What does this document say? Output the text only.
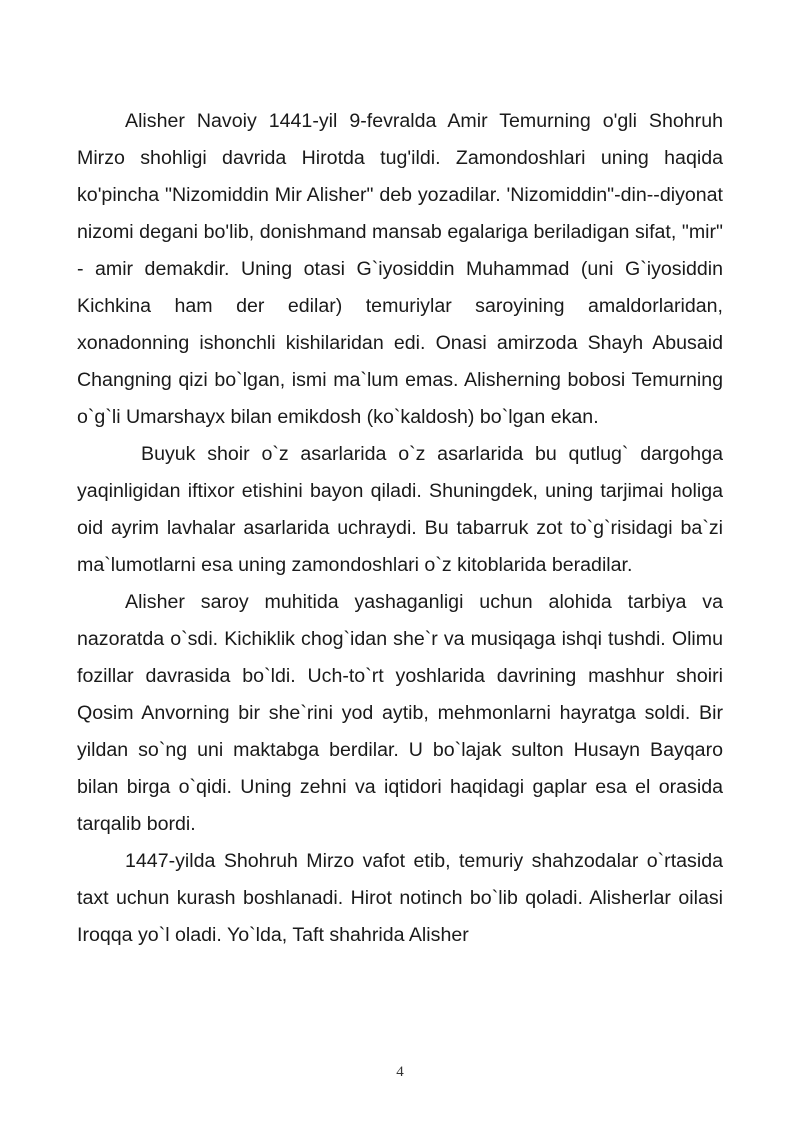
Alisher Navoiy 1441-yil 9-fevralda Amir Temurning o'gli Shohruh Mirzo shohligi davrida Hirotda tug'ildi. Zamondoshlari uning haqida ko'pincha "Nizomiddin Mir Alisher" deb yozadilar. 'Nizomiddin"-din--diyonat nizomi degani bo'lib, donishmand mansab egalariga beriladigan sifat, "mir" - amir demakdir. Uning otasi G`iyosiddin Muhammad (uni G`iyosiddin Kichkina ham der edilar) temuriylar saroyining amaldorlaridan, xonadonning ishonchli kishilaridan edi. Onasi amirzoda Shayh Abusaid Changning qizi bo`lgan, ismi ma`lum emas. Alisherning bobosi Temurning o`g`li Umarshayx bilan emikdosh (ko`kaldosh) bo`lgan ekan.

Buyuk shoir o`z asarlarida o`z asarlarida bu qutlug` dargohga yaqinligidan iftixor etishini bayon qiladi. Shuningdek, uning tarjimai holiga oid ayrim lavhalar asarlarida uchraydi. Bu tabarruk zot to`g`risidagi ba`zi ma`lumotlarni esa uning zamondoshlari o`z kitoblarida beradilar.

Alisher saroy muhitida yashaganligi uchun alohida tarbiya va nazoratda o`sdi. Kichiklik chog`idan she`r va musiqaga ishqi tushdi. Olimu fozillar davrasida bo`ldi. Uch-to`rt yoshlarida davrining mashhur shoiri Qosim Anvorning bir she`rini yod aytib, mehmonlarni hayratga soldi. Bir yildan so`ng uni maktabga berdilar. U bo`lajak sulton Husayn Bayqaro bilan birga o`qidi. Uning zehni va iqtidori haqidagi gaplar esa el orasida tarqalib bordi.

1447-yilda Shohruh Mirzo vafot etib, temuriy shahzodalar o`rtasida taxt uchun kurash boshlanadi. Hirot notinch bo`lib qoladi. Alisherlar oilasi Iroqqa yo`l oladi. Yo`lda, Taft shahrida Alisher

4
